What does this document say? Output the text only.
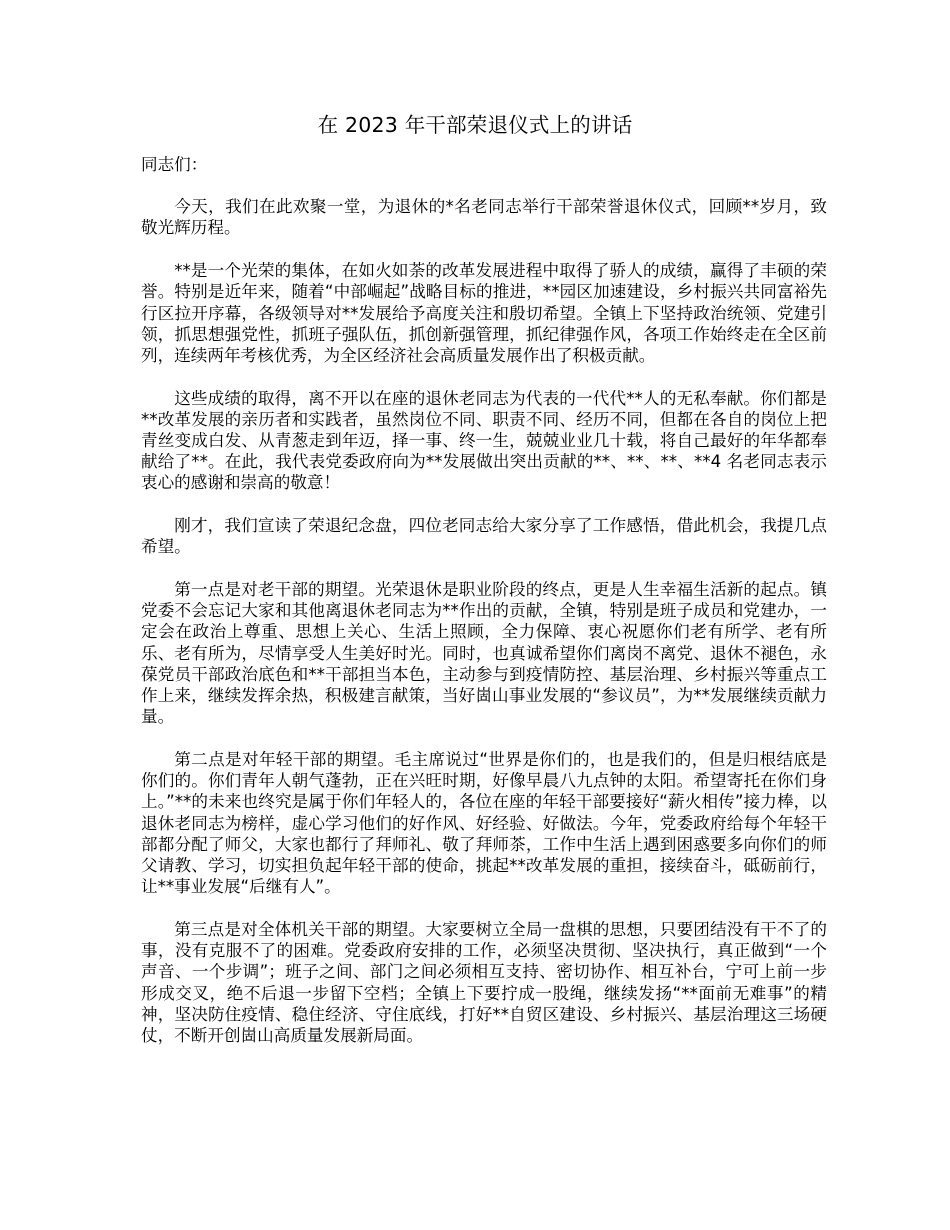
在 2023 年干部荣退仪式上的讲话

同志们：

今天，我们在此欢聚一堂，为退休的*名老同志举行干部荣誉退休仪式，回顾**岁月，致敬光辉历程。

**是一个光荣的集体，在如火如荼的改革发展进程中取得了骄人的成绩，赢得了丰硕的荣誉。特别是近年来，随着“中部崛起”战略目标的推进，**园区加速建设，乡村振兴共同富裕先行区拉开序幕，各级领导对**发展给予高度关注和殷切希望。全镇上下坚持政治统领、党建引领，抓思想强党性，抓班子强队伍，抓创新强管理，抓纪律强作风，各项工作始终走在全区前列，连续两年考核优秀，为全区经济社会高质量发展作出了积极贡献。

这些成绩的取得，离不开以在座的退休老同志为代表的一代代**人的无私奉献。你们都是**改革发展的亲历者和实践者，虽然岗位不同、职责不同、经历不同，但都在各自的岗位上把青丝变成白发、从青葱走到年迈，择一事、终一生，兢兢业业几十载，将自己最好的年华都奉献给了**。在此，我代表党委政府向为**发展做出突出贡献的**、**、**、**4 名老同志表示衷心的感谢和崇高的敬意！

刚才，我们宣读了荣退纪念盘，四位老同志给大家分享了工作感悟，借此机会，我提几点希望。

第一点是对老干部的期望。光荣退休是职业阶段的终点，更是人生幸福生活新的起点。镇党委不会忘记大家和其他离退休老同志为**作出的贡献，全镇，特别是班子成员和党建办，一定会在政治上尊重、思想上关心、生活上照顾，全力保障、衷心祝愿你们老有所学、老有所乐、老有所为，尽情享受人生美好时光。同时，也真诚希望你们离岗不离党、退休不褪色，永葆党员干部政治底色和**干部担当本色，主动参与到疫情防控、基层治理、乡村振兴等重点工作上来，继续发挥余热，积极建言献策，当好崮山事业发展的“参议员”，为**发展继续贡献力量。

第二点是对年轻干部的期望。毛主席说过“世界是你们的，也是我们的，但是归根结底是你们的。你们青年人朝气蓬勃，正在兴旺时期，好像早晨八九点钟的太阳。希望寄托在你们身上。”**的未来也终究是属于你们年轻人的，各位在座的年轻干部要接好“薪火相传”接力棒，以退休老同志为榜样，虚心学习他们的好作风、好经验、好做法。今年，党委政府给每个年轻干部都分配了师父，大家也都行了拜师礼、敬了拜师茶，工作中生活上遇到困惑要多向你们的师父请教、学习，切实担负起年轻干部的使命，挑起**改革发展的重担，接续奋斗，砥砺前行，让**事业发展“后继有人”。

第三点是对全体机关干部的期望。大家要树立全局一盘棋的思想，只要团结没有干不了的事，没有克服不了的困难。党委政府安排的工作，必须坚决贯彻、坚决执行，真正做到“一个声音、一个步调”；班子之间、部门之间必须相互支持、密切协作、相互补台，宁可上前一步形成交叉，绝不后退一步留下空档；全镇上下要拧成一股绳，继续发扬“**面前无难事”的精神，坚决防住疫情、稳住经济、守住底线，打好**自贸区建设、乡村振兴、基层治理这三场硬仗，不断开创崮山高质量发展新局面。
